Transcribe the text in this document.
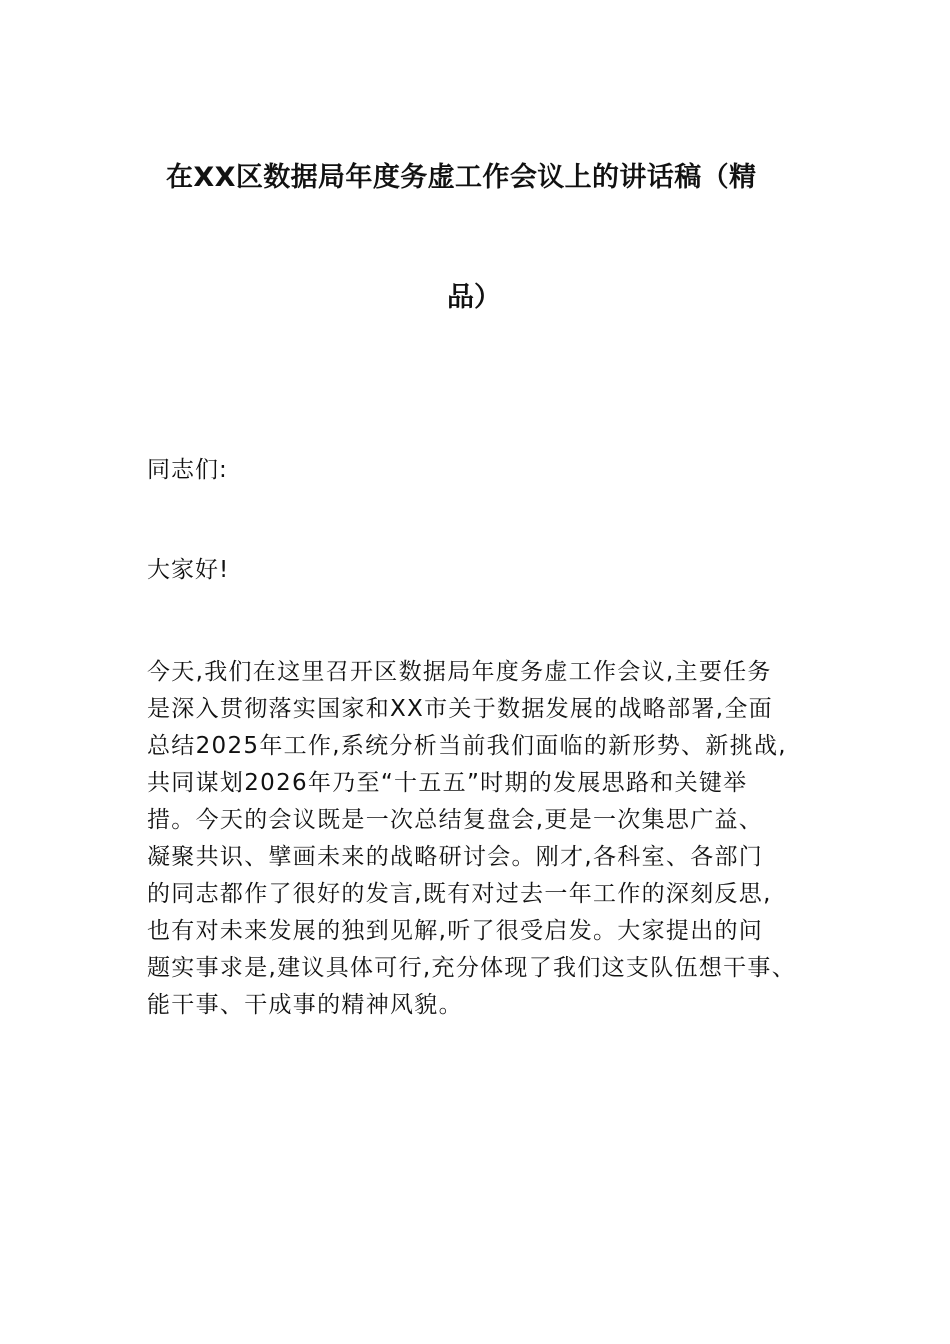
在XX区数据局年度务虚工作会议上的讲话稿（精
品）
同志们:
大家好!
今天,我们在这里召开区数据局年度务虚工作会议,主要任务
是深入贯彻落实国家和XX市关于数据发展的战略部署,全面
总结2025年工作,系统分析当前我们面临的新形势、新挑战,
共同谋划2026年乃至“十五五”时期的发展思路和关键举
措。今天的会议既是一次总结复盘会,更是一次集思广益、
凝聚共识、擘画未来的战略研讨会。刚才,各科室、各部门
的同志都作了很好的发言,既有对过去一年工作的深刻反思,
也有对未来发展的独到见解,听了很受启发。大家提出的问
题实事求是,建议具体可行,充分体现了我们这支队伍想干事、
能干事、干成事的精神风貌。
